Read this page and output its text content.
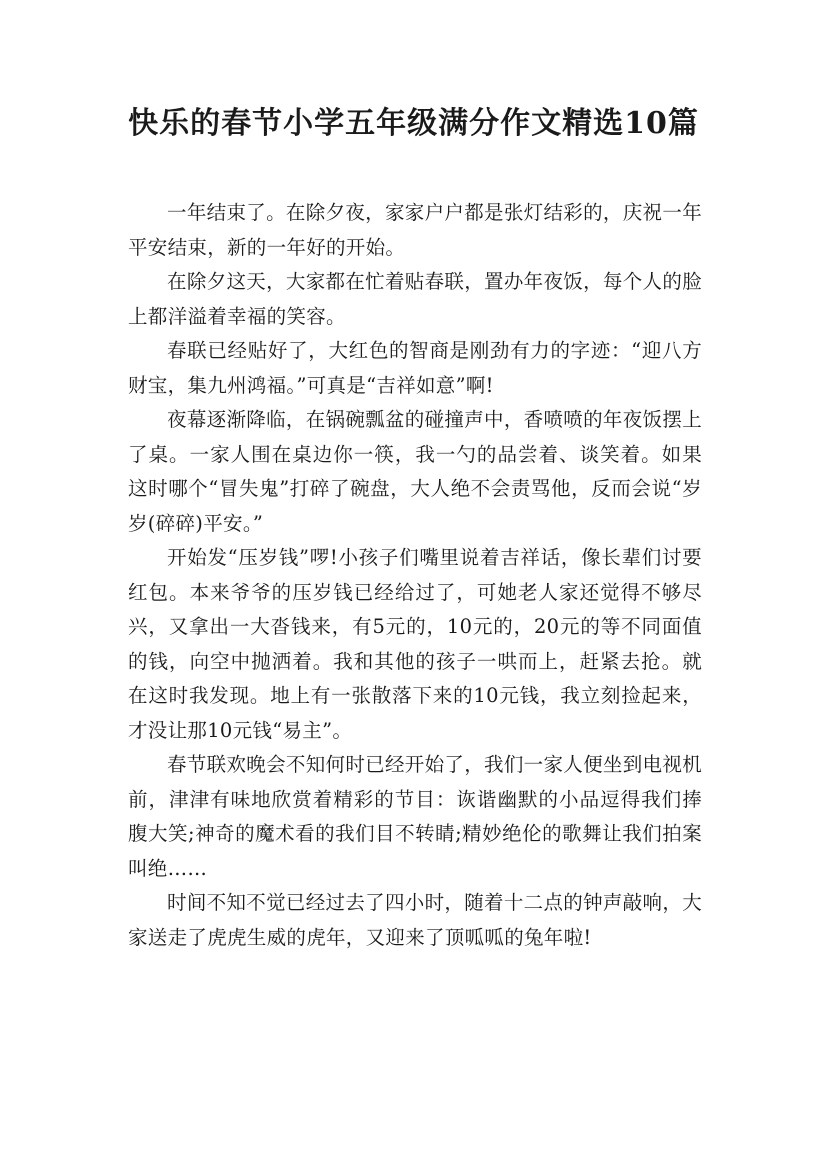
快乐的春节小学五年级满分作文精选10篇

一年结束了。在除夕夜，家家户户都是张灯结彩的，庆祝一年平安结束，新的一年好的开始。

在除夕这天，大家都在忙着贴春联，置办年夜饭，每个人的脸上都洋溢着幸福的笑容。

春联已经贴好了，大红色的智商是刚劲有力的字迹：“迎八方财宝，集九州鸿福。”可真是“吉祥如意”啊!

夜幕逐渐降临，在锅碗瓢盆的碰撞声中，香喷喷的年夜饭摆上了桌。一家人围在桌边你一筷，我一勺的品尝着、谈笑着。如果这时哪个“冒失鬼”打碎了碗盘，大人绝不会责骂他，反而会说“岁岁(碎碎)平安。”

开始发“压岁钱”啰!小孩子们嘴里说着吉祥话，像长辈们讨要红包。本来爷爷的压岁钱已经给过了，可她老人家还觉得不够尽兴，又拿出一大沓钱来，有5元的，10元的，20元的等不同面值的钱，向空中抛洒着。我和其他的孩子一哄而上，赶紧去抢。就在这时我发现。地上有一张散落下来的10元钱，我立刻捡起来，才没让那10元钱“易主”。

春节联欢晚会不知何时已经开始了，我们一家人便坐到电视机前，津津有味地欣赏着精彩的节目：诙谐幽默的小品逗得我们捧腹大笑;神奇的魔术看的我们目不转睛;精妙绝伦的歌舞让我们拍案叫绝……

时间不知不觉已经过去了四小时，随着十二点的钟声敲响，大家送走了虎虎生威的虎年，又迎来了顶呱呱的兔年啦!
